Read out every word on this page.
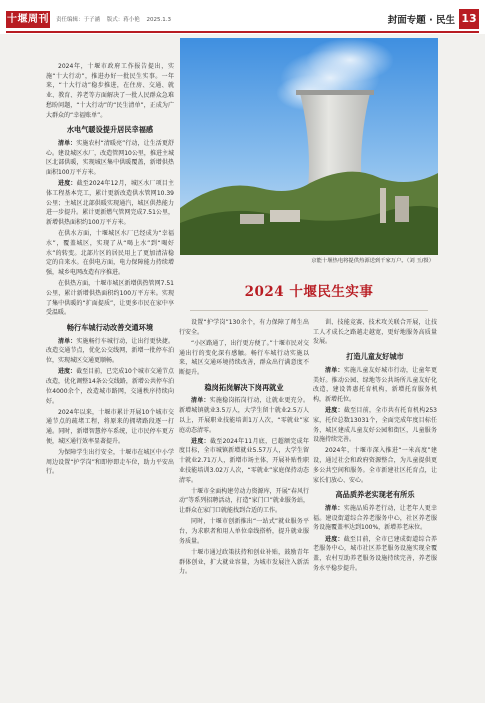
十堰周刊 责任编辑：于子涵 版式：蒋小艳 2025.1.3	封面专题 · 民生 13

2024年，十堰市政府工作报告提出，实施“十大行动”，推进办好一批民生实事。一年来，“十大行动”稳步推进，在住房、交通、就业、教育、养老等方面解决了一批人民群众急难愁盼问题，“十大行动”的“民生清单”，正成为广大群众的“幸福账单”。

水电气暖设提升居民幸福感

清单：实施农村“清暖亮”行动，让生活更舒心。建设城区水厂，改造管网10公里，推进主城区北部供暖，实现城区集中供暖覆盖，新增供热面积100万平方米。

进度：截至2024年12月，城区水厂项目主体工程基本完工，累计更新改造供水管网10.39公里；主城区北部供暖实现通汽，城区供热能力进一步提升。累计更新燃气管网完成7.51公里，新增供热面积约100万平方米。

在供水方面，十堰城区水厂已经成为“幸福水”，覆盖城区，实现了从“喝上水”到“喝好水”的转变。北部片区的居民用上了更加清洁稳定的自来水。在供电方面，电力保障能力持续增强，城乡电网改造有序推进。

在供热方面，十堰市城区新增供热管网7.51公里，累计新增供热面积约100万平方米。实现了集中供暖的“扩面提质”，让更多市民在家中享受温暖。

畅行车城行动改善交通环境

清单：实施畅行车城行动，让出行更快捷。改造交通节点，优化公交线网，新增一批停车泊位，实现城区交通更顺畅。

进度：截至目前，已完成10个城市交通节点改造，优化调整14条公交线路，新增公共停车泊位4000余个，改造城市路网，交通秩序持续向好。

2024年以来，十堰市累计开展10个城市交通节点的疏堵工程，将原来的拥堵路段逐一打通。同时，新增智慧停车系统，让市民停车更方便，城区通行效率显著提升。

为保障学生出行安全，十堰市在城区中小学周边设置“护学岗”和即停即走车位，助力平安出行。

京能十堰热电将提供热源送到千家万户。（刘 玉/摄）
2024 十堰民生实事

设置“护学岗”130余个，有力保障了师生出行安全。

“小区路通了，出行更方便了。”十堰市民对交通出行的变化深有感触。畅行车城行动实施以来，城区交通环境持续改善，群众出行满意度不断提升。

稳岗拓岗解决下岗再就业

清单：实施稳岗拓岗行动，让就业更充分。新增城镇就业3.5万人，大学生留十就业2.5万人以上，开展职业技能培训1万人次，“零就业”家庭动态清零。

进度：截至2024年11月底，已超额完成年度目标，全市城镇新增就业5.57万人，大学生留十就业2.71万人，新增市场主体，开展补贴性职业技能培训3.02万人次，“零就业”家庭保持动态清零。

十堰市全面构建劳动力资源库，开展“春风行动”等系列招聘活动，打造“家门口”就业服务站，让群众在家门口就能找到合适的工作。

同时，十堰市创新推出“一站式”就业服务平台，为求职者和用人单位牵线搭桥，提升就业服务质量。

十堰市通过政策扶持和创业补贴，鼓励青年群体创业，扩大就业容量，为城市发展注入新活力。

训、技能竞赛、技术攻关联合开展，让技工人才成长之路越走越宽，更好地服务高质量发展。

打造儿童友好城市

清单：实施儿童友好城市行动，让童年更美好。推动公园、绿地等公共场所儿童友好化改造，建设普惠托育机构，新增托育服务机构，新增托位。

进度：截至目前，全市共有托育机构253家，托位总数13031个，全面完成年度目标任务，城区建成儿童友好公园和街区，儿童服务设施持续完善。

2024年，十堰市深入推进“一米高度”建设，通过社会和政府资源整合，为儿童提供更多公共空间和服务。全市新建社区托育点，让家长们放心、安心。

高品质养老实现老有所乐

清单：实施品质养老行动，让老年人更幸福。建设街道综合养老服务中心，社区养老服务设施覆盖率达到100%，新增养老床位。

进度：截至目前，全市已建成街道综合养老服务中心，城市社区养老服务设施实现全覆盖，农村互助养老服务设施持续完善，养老服务水平稳步提升。
